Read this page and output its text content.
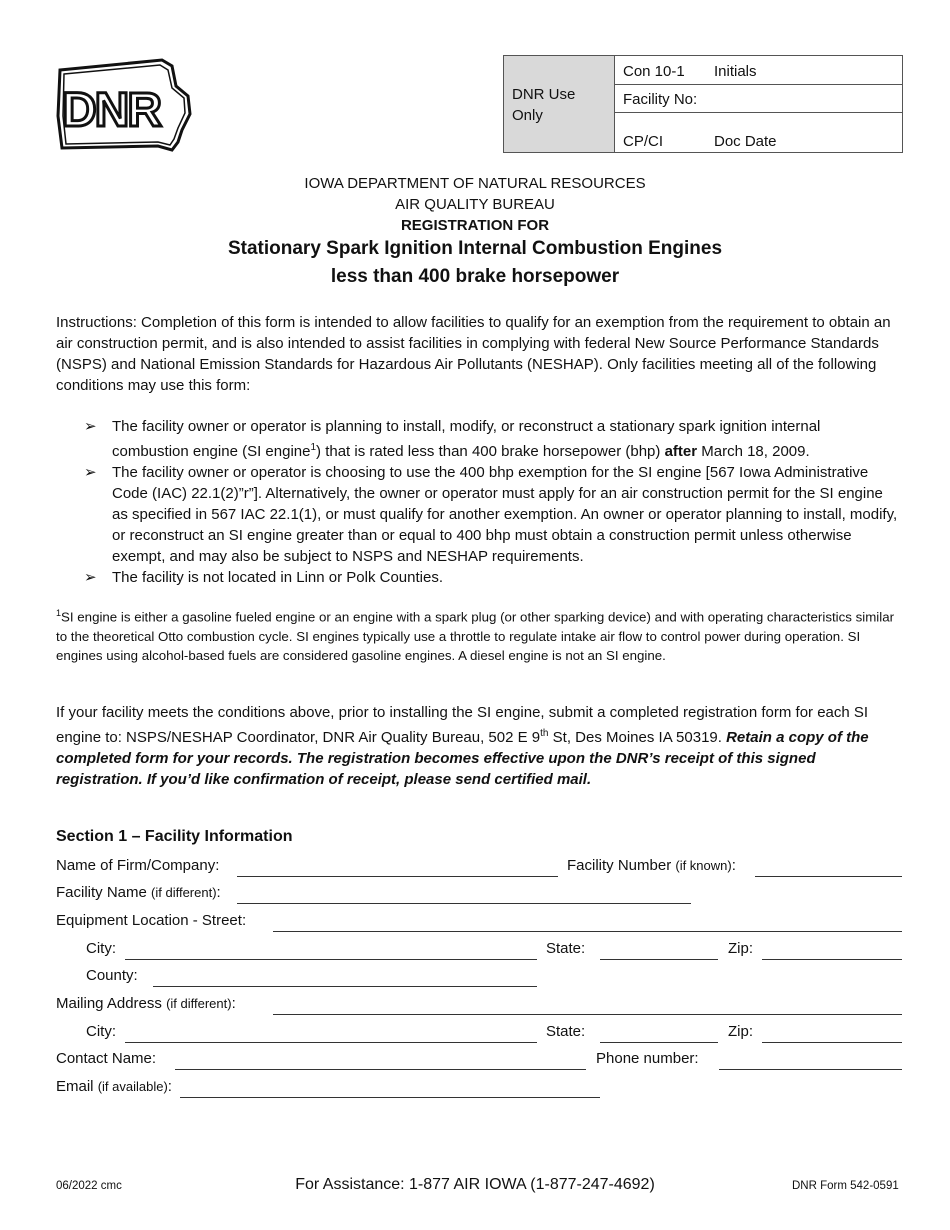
DNR	DNR Use Only
Con 10-1 Initials
Facility No:
CP/CI	Doc Date
IOWA DEPARTMENT OF NATURAL RESOURCES
AIR QUALITY BUREAU
REGISTRATION FOR
Stationary Spark Ignition Internal Combustion Engines
less than 400 brake horsepower
Instructions: Completion of this form is intended to allow facilities to qualify for an exemption from the requirement to obtain an air construction permit, and is also intended to assist facilities in complying with federal New Source Performance Standards (NSPS) and National Emission Standards for Hazardous Air Pollutants (NESHAP). Only facilities meeting all of the following conditions may use this form:
➢ The facility owner or operator is planning to install, modify, or reconstruct a stationary spark ignition internal combustion engine (SI engine$^1$) that is rated less than 400 brake horsepower (bhp) after March 18, 2009.
➢ The facility owner or operator is choosing to use the 400 bhp exemption for the SI engine [567 Iowa Administrative Code (IAC) 22.1(2)”r”]. Alternatively, the owner or operator must apply for an air construction permit for the SI engine as specified in 567 IAC 22.1(1), or must qualify for another exemption. An owner or operator planning to install, modify, or reconstruct an SI engine greater than or equal to 400 bhp must obtain a construction permit unless otherwise exempt, and may also be subject to NSPS and NESHAP requirements.
➢ The facility is not located in Linn or Polk Counties.
$^1$SI engine is either a gasoline fueled engine or an engine with a spark plug (or other sparking device) and with operating characteristics similar to the theoretical Otto combustion cycle. SI engines typically use a throttle to regulate intake air flow to control power during operation. SI engines using alcohol-based fuels are considered gasoline engines. A diesel engine is not an SI engine.
If your facility meets the conditions above, prior to installing the SI engine, submit a completed registration form for each SI engine to: NSPS/NESHAP Coordinator, DNR Air Quality Bureau, 502 E 9th St, Des Moines IA 50319. Retain a copy of the completed form for your records. The registration becomes effective upon the DNR’s receipt of this signed registration. If you’d like confirmation of receipt, please send certified mail.
Section 1 – Facility Information
Name of Firm/Company:	Facility Number (if known):
Facility Name (if different):
Equipment Location - Street:
City:	State:	Zip:
County:
Mailing Address (if different):
City:	State:	Zip:
Contact Name:	Phone number:
Email (if available):
06/2022 cmc	For Assistance: 1-877 AIR IOWA (1-877-247-4692)	DNR Form 542-0591
